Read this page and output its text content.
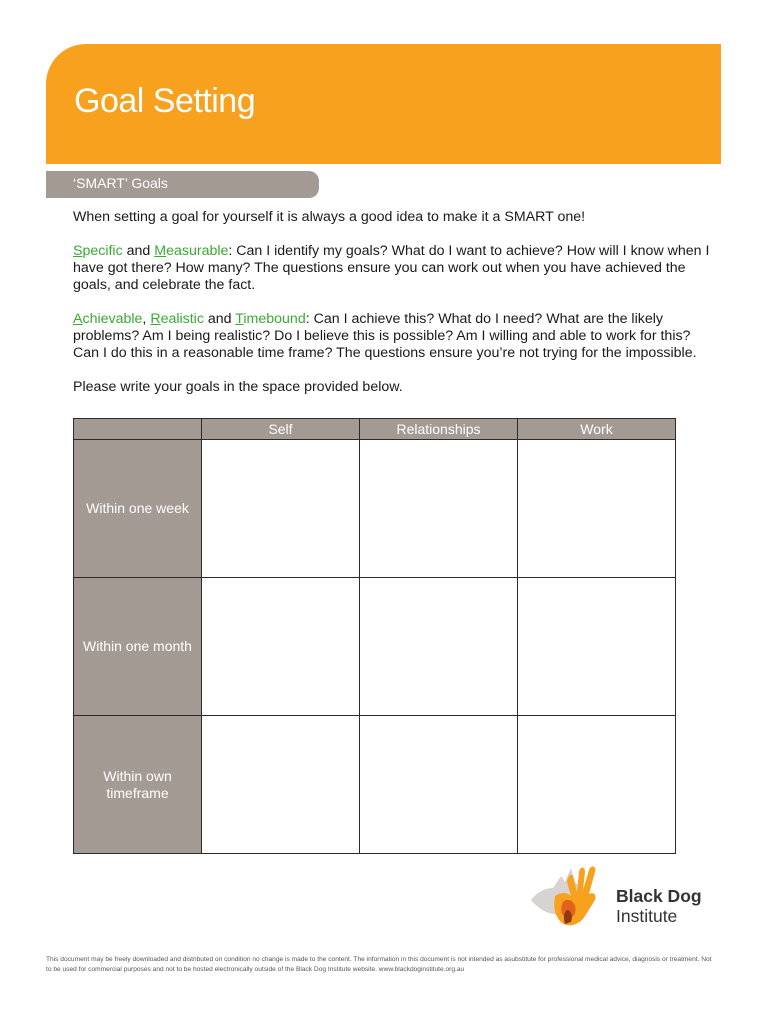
Goal Setting
‘SMART’ Goals

When setting a goal for yourself it is always a good idea to make it a SMART one!

Specific and Measurable: Can I identify my goals? What do I want to achieve? How will I know when I have got there? How many? The questions ensure you can work out when you have achieved the goals, and celebrate the fact.

Achievable, Realistic and Timebound: Can I achieve this? What do I need? What are the likely problems? Am I being realistic? Do I believe this is possible? Am I willing and able to work for this? Can I do this in a reasonable time frame? The questions ensure you’re not trying for the impossible.

Please write your goals in the space provided below.

	Self	Relationships	Work
Within one week			
Within one month			
Within own timeframe			
Black Dog
Institute
This document may be freely downloaded and distributed on condition no change is made to the content. The information in this document is not intended as asubstitute for professional medical advice, diagnosis or treatment. Not to be used for commercial purposes and not to be hosted electronically outside of the Black Dog Institute website. www.blackdoginstitute.org.au
